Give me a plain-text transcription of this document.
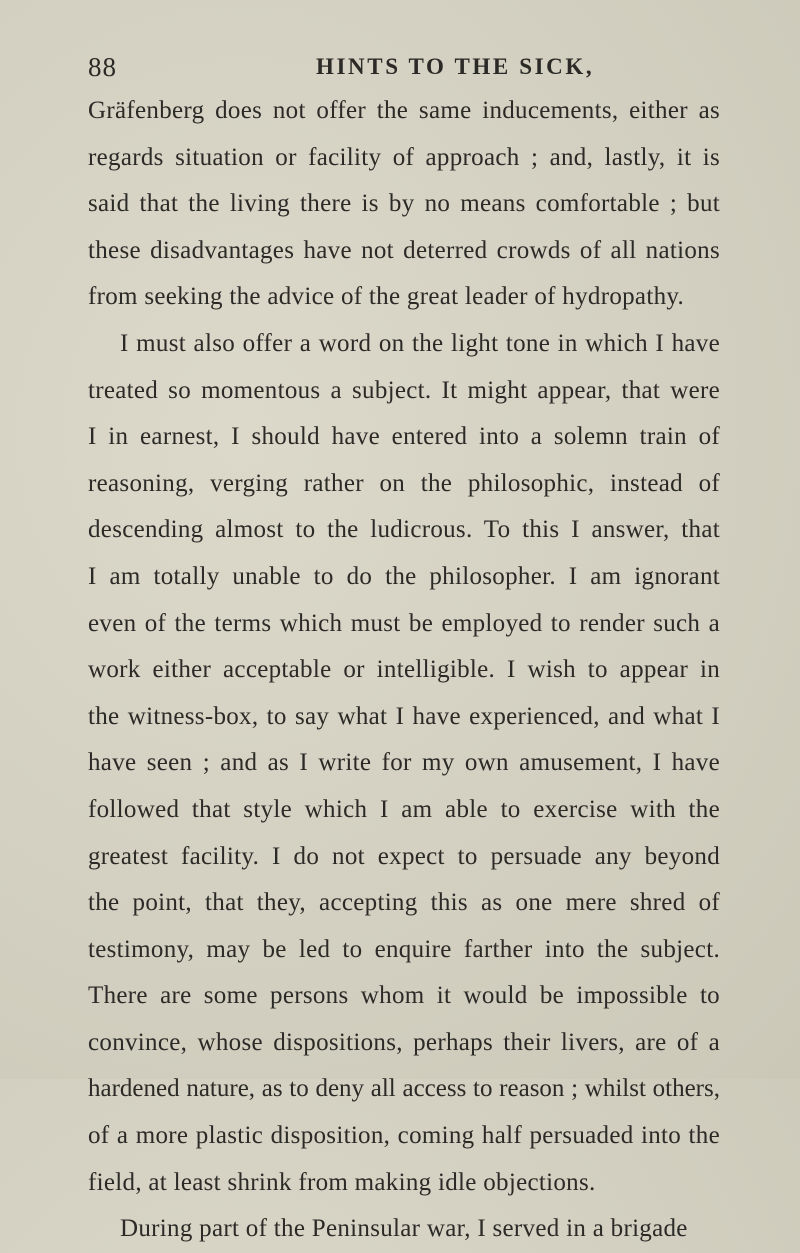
88	HINTS TO THE SICK,
Gräfenberg does not offer the same inducements, either as
regards situation or facility of approach ; and, lastly, it is
said that the living there is by no means comfortable ; but
these disadvantages have not deterred crowds of all nations
from seeking the advice of the great leader of hydropathy.
I must also offer a word on the light tone in which I have
treated so momentous a subject. It might appear, that were
I in earnest, I should have entered into a solemn train of
reasoning, verging rather on the philosophic, instead of
descending almost to the ludicrous. To this I answer, that
I am totally unable to do the philosopher. I am ignorant
even of the terms which must be employed to render such a
work either acceptable or intelligible. I wish to appear in
the witness-box, to say what I have experienced, and what I
have seen ; and as I write for my own amusement, I have
followed that style which I am able to exercise with the
greatest facility. I do not expect to persuade any beyond
the point, that they, accepting this as one mere shred of
testimony, may be led to enquire farther into the subject.
There are some persons whom it would be impossible to
convince, whose dispositions, perhaps their livers, are of a
hardened nature, as to deny all access to reason ; whilst others,
of a more plastic disposition, coming half persuaded into the
field, at least shrink from making idle objections.
During part of the Peninsular war, I served in a brigade
